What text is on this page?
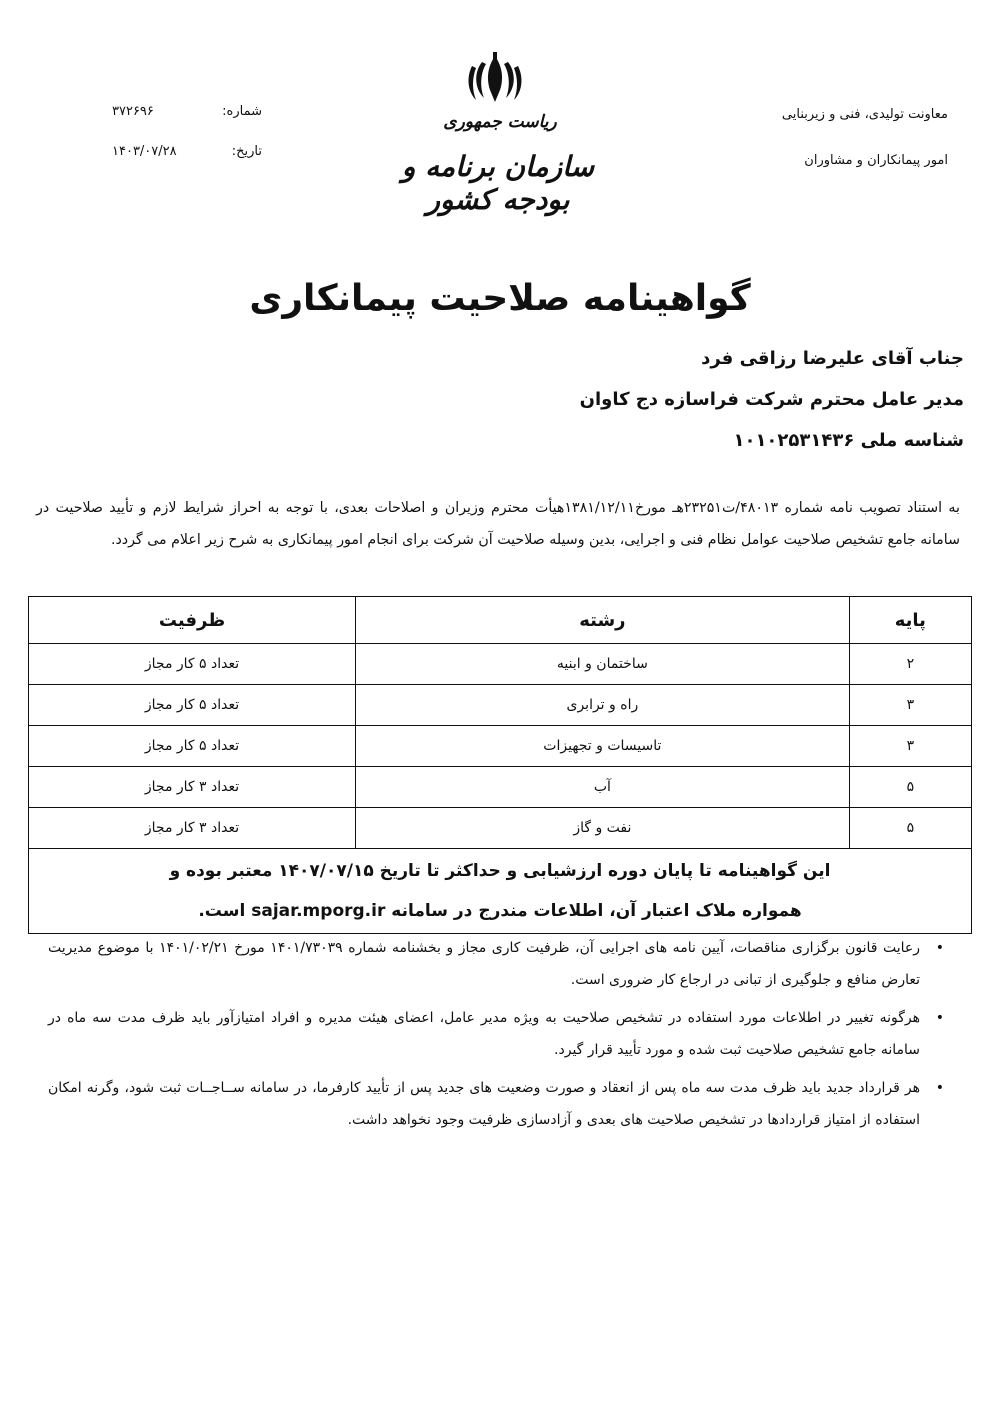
معاونت تولیدی، فنی و زیربنایی
امور پیمانکاران و مشاوران
شماره:
۳۷۲۶۹۶
تاریخ:
۱۴۰۳/۰۷/۲۸
ریاست جمهوری
سازمان برنامه و بودجه کشور
گواهینامه صلاحیت پیمانکاری
جناب آقای علیرضا رزاقی فرد
مدیر عامل محترم شرکت فراسازه دج کاوان
شناسه ملی ۱۰۱۰۲۵۳۱۴۳۶
به استناد تصویب نامه شماره ۴۸۰۱۳/ت۲۳۲۵۱هـ مورخ۱۳۸۱/۱۲/۱۱هیأت محترم وزیران و اصلاحات بعدی، با توجه به احراز شرایط لازم و تأیید صلاحیت در سامانه جامع تشخیص صلاحیت عوامل نظام فنی و اجرایی، بدین وسیله صلاحیت آن شرکت برای انجام امور پیمانکاری به شرح زیر اعلام می گردد.
پایه	رشته	ظرفیت
۲	ساختمان و ابنیه	تعداد ۵ کار مجاز
۳	راه و ترابری	تعداد ۵ کار مجاز
۳	تاسیسات و تجهیزات	تعداد ۵ کار مجاز
۵	آب	تعداد ۳ کار مجاز
۵	نفت و گاز	تعداد ۳ کار مجاز

این گواهینامه تا پایان دوره ارزشیابی و حداکثر تا تاریخ ۱۴۰۷/۰۷/۱۵ معتبر بوده و
همواره ملاک اعتبار آن، اطلاعات مندرج در سامانه sajar.mporg.ir است.		
• رعایت قانون برگزاری مناقصات، آیین نامه های اجرایی آن، ظرفیت کاری مجاز و بخشنامه شماره ۱۴۰۱/۷۳۰۳۹ مورخ ۱۴۰۱/۰۲/۲۱ با موضوع مدیریت تعارض منافع و جلوگیری از تبانی در ارجاع کار ضروری است.
• هرگونه تغییر در اطلاعات مورد استفاده در تشخیص صلاحیت به ویژه مدیر عامل، اعضای هیئت مدیره و افراد امتیازآور باید ظرف مدت سه ماه در سامانه جامع تشخیص صلاحیت ثبت شده و مورد تأیید قرار گیرد.
• هر قرارداد جدید باید ظرف مدت سه ماه پس از انعقاد و صورت وضعیت های جدید پس از تأیید کارفرما، در سامانه ســاجــات ثبت شود، وگرنه امکان استفاده از امتیاز قراردادها در تشخیص صلاحیت های بعدی و آزادسازی ظرفیت وجود نخواهد داشت.
